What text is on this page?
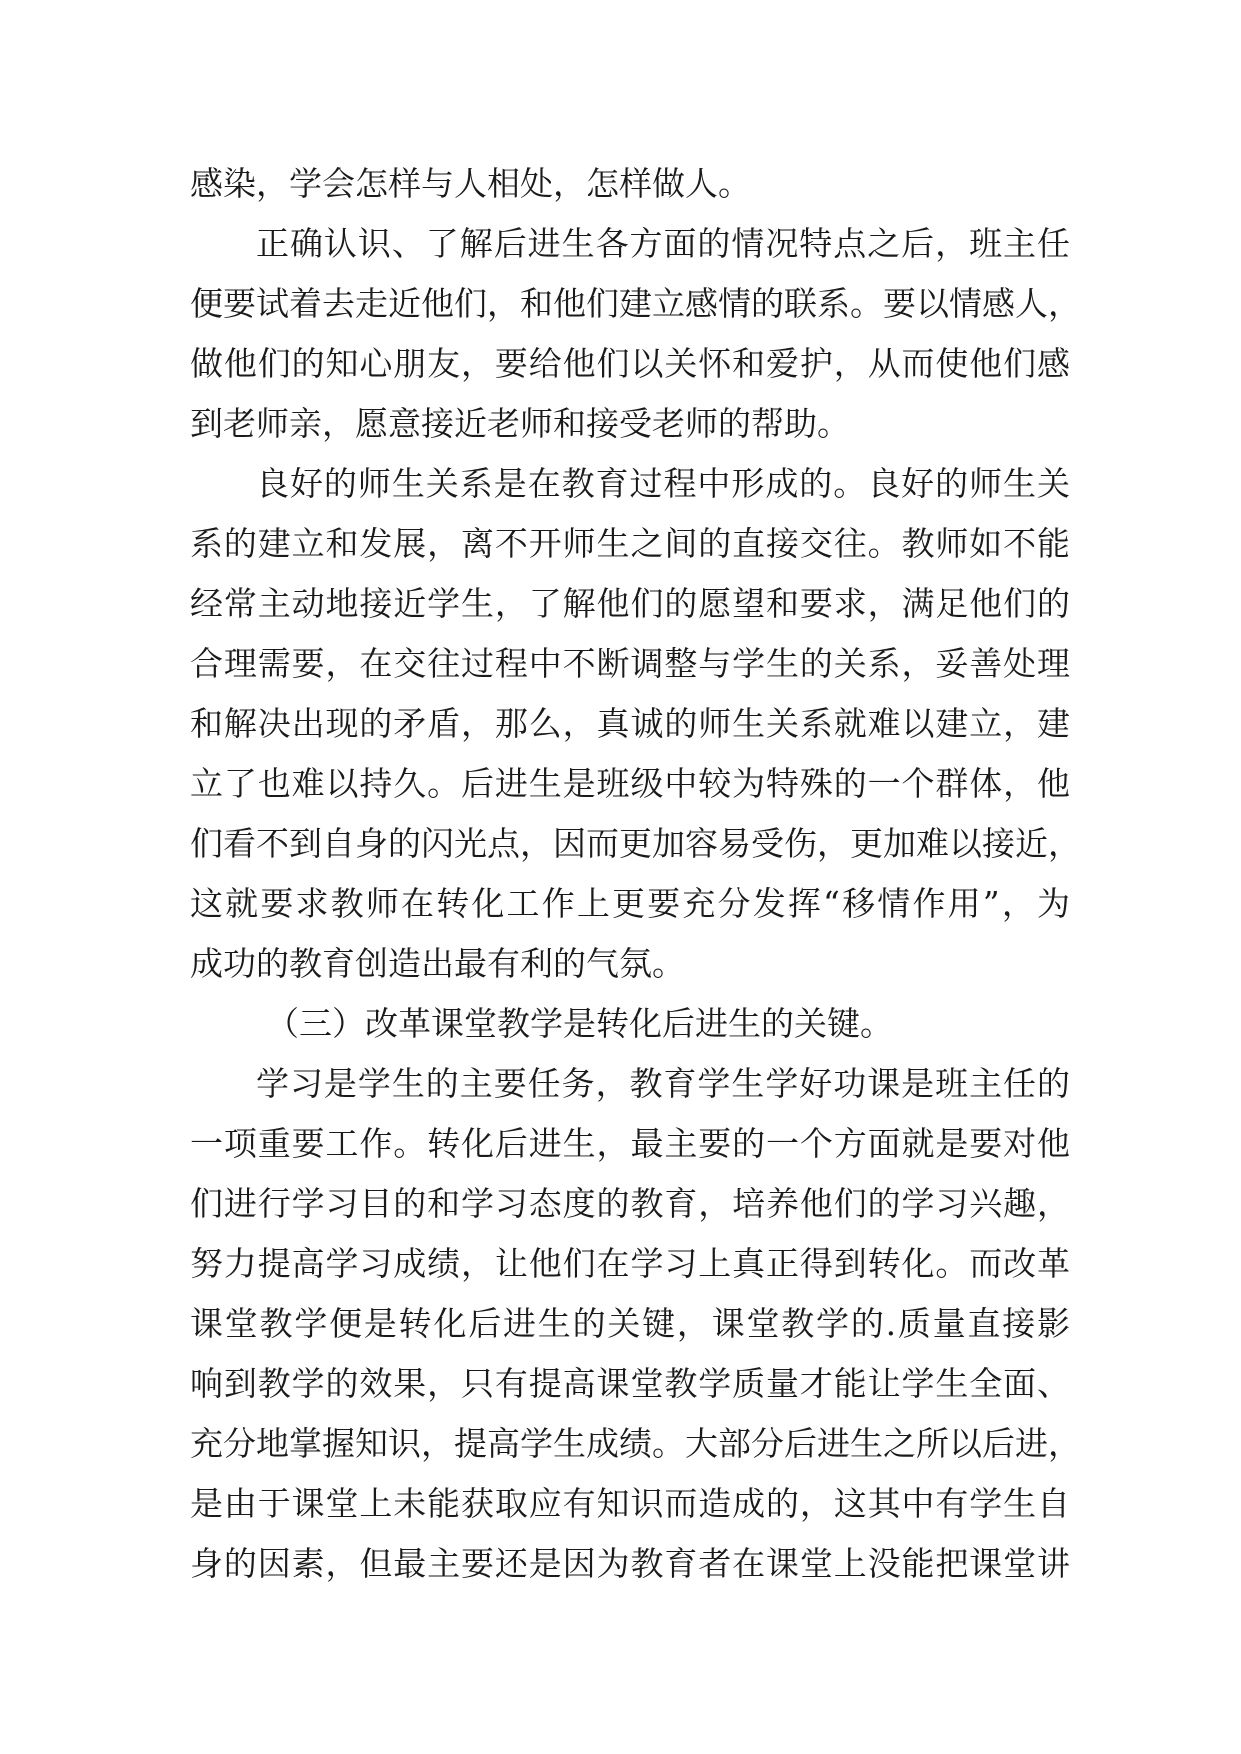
感染，学会怎样与人相处，怎样做人。
正确认识、了解后进生各方面的情况特点之后，班主任
便要试着去走近他们，和他们建立感情的联系。要以情感人，
做他们的知心朋友，要给他们以关怀和爱护，从而使他们感
到老师亲，愿意接近老师和接受老师的帮助。
良好的师生关系是在教育过程中形成的。良好的师生关
系的建立和发展，离不开师生之间的直接交往。教师如不能
经常主动地接近学生，了解他们的愿望和要求，满足他们的
合理需要，在交往过程中不断调整与学生的关系，妥善处理
和解决出现的矛盾，那么，真诚的师生关系就难以建立，建
立了也难以持久。后进生是班级中较为特殊的一个群体，他
们看不到自身的闪光点，因而更加容易受伤，更加难以接近，
这就要求教师在转化工作上更要充分发挥“移情作用”，为
成功的教育创造出最有利的气氛。
（三）改革课堂教学是转化后进生的关键。
学习是学生的主要任务，教育学生学好功课是班主任的
一项重要工作。转化后进生，最主要的一个方面就是要对他
们进行学习目的和学习态度的教育，培养他们的学习兴趣，
努力提高学习成绩，让他们在学习上真正得到转化。而改革
课堂教学便是转化后进生的关键，课堂教学的.质量直接影
响到教学的效果，只有提高课堂教学质量才能让学生全面、
充分地掌握知识，提高学生成绩。大部分后进生之所以后进，
是由于课堂上未能获取应有知识而造成的，这其中有学生自
身的因素，但最主要还是因为教育者在课堂上没能把课堂讲
